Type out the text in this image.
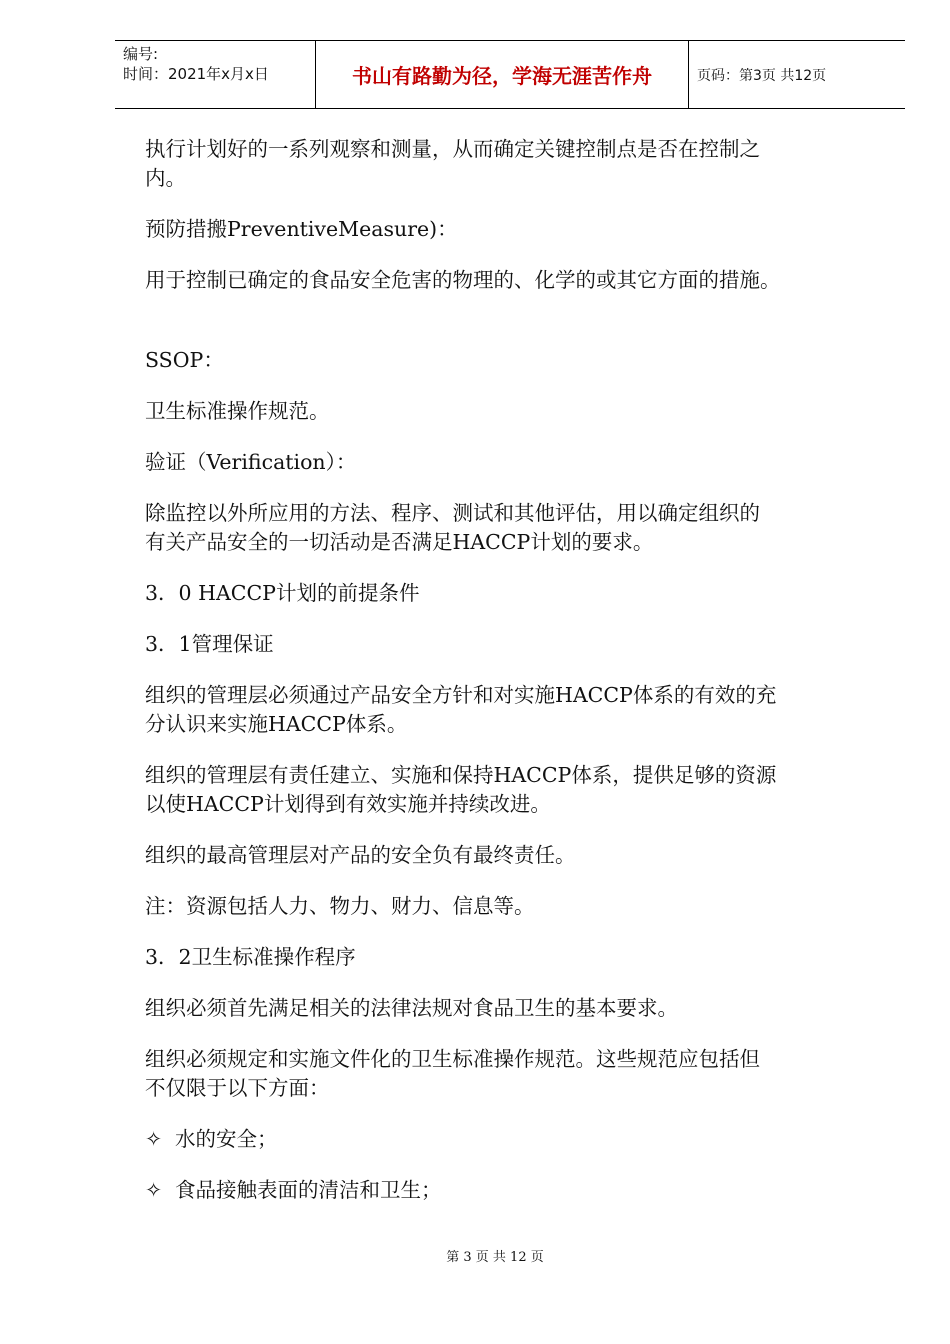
编号:
时间：2021年x月x日	书山有路勤为径，学海无涯苦作舟	页码：第3页 共12页
执行计划好的一系列观察和测量，从而确定关键控制点是否在控制之
内。
预防措搬PreventiveMeasure)：
用于控制已确定的食品安全危害的物理的、化学的或其它方面的措施。
SSOP：
卫生标准操作规范。
验证（Verification）：
除监控以外所应用的方法、程序、测试和其他评估，用以确定组织的
有关产品安全的一切活动是否满足HACCP计划的要求。
3．0 HACCP计划的前提条件
3．1管理保证
组织的管理层必须通过产品安全方针和对实施HACCP体系的有效的充
分认识来实施HACCP体系。
组织的管理层有责任建立、实施和保持HACCP体系，提供足够的资源
以使HACCP计划得到有效实施并持续改进。
组织的最高管理层对产品的安全负有最终责任。
注：资源包括人力、物力、财力、信息等。
3．2卫生标准操作程序
组织必须首先满足相关的法律法规对食品卫生的基本要求。
组织必须规定和实施文件化的卫生标准操作规范。这些规范应包括但
不仅限于以下方面：
✧ 水的安全；
✧ 食品接触表面的清洁和卫生；
第 3 页 共 12 页
